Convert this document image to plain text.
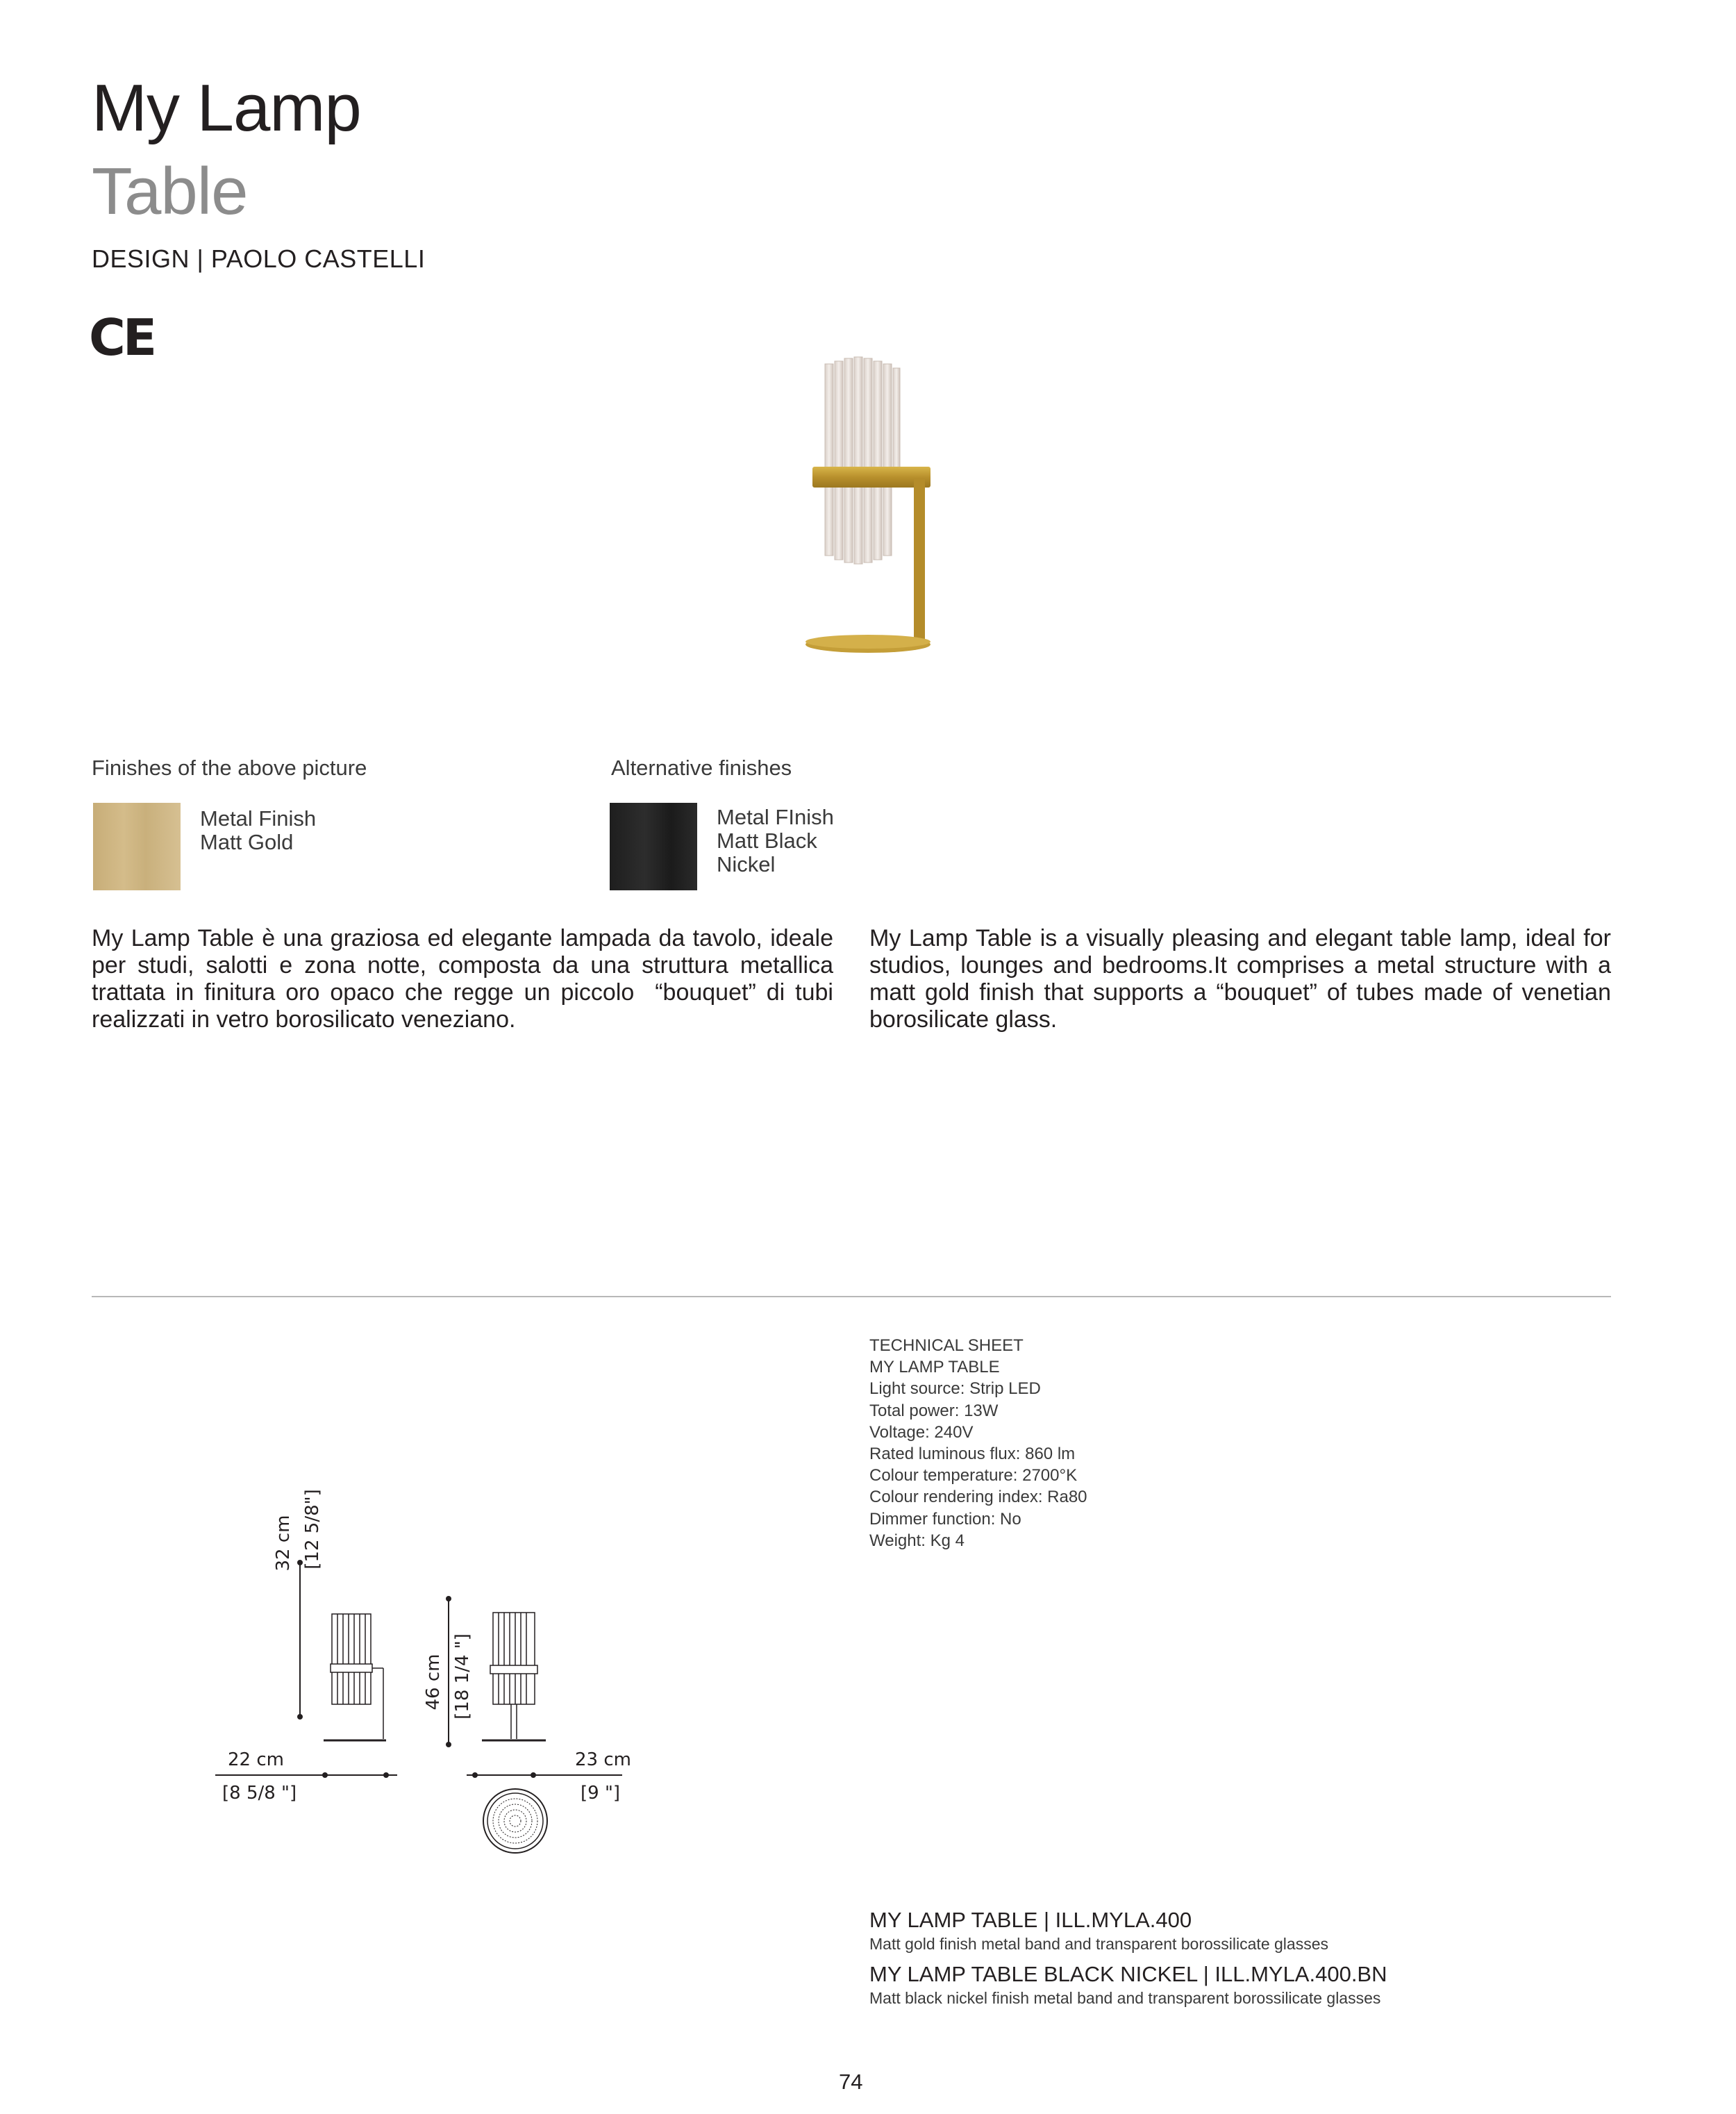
My Lamp
Table
DESIGN | PAOLO CASTELLI
CE
Finishes of the above picture
Metal Finish
Matt Gold
Alternative finishes
Metal FInish
Matt Black
Nickel
My Lamp Table è una graziosa ed elegante lampada da tavolo, ideale per studi, salotti e zona notte, composta da una struttura metallica trattata in finitura oro opaco che regge un piccolo  “bouquet” di tubi realizzati in vetro borosilicato veneziano.
My Lamp Table is a visually pleasing and elegant table lamp, ideal for studios, lounges and bedrooms.It comprises a metal structure with a matt gold finish that supports a “bouquet” of tubes made of venetian borosilicate glass.
TECHNICAL SHEET
MY LAMP TABLE
Light source: Strip LED
Total power: 13W
Voltage: 240V
Rated luminous flux: 860 lm
Colour temperature: 2700°K
Colour rendering index: Ra80
Dimmer function: No
Weight: Kg 4
32 cm [12 5/8"]
46 cm [18 1/4 "]
22 cm
[8 5/8 "]
23 cm
[9 "]
MY LAMP TABLE | ILL.MYLA.400
Matt gold finish metal band and transparent borossilicate glasses
MY LAMP TABLE BLACK NICKEL | ILL.MYLA.400.BN
Matt black nickel finish metal band and transparent borossilicate glasses
74
